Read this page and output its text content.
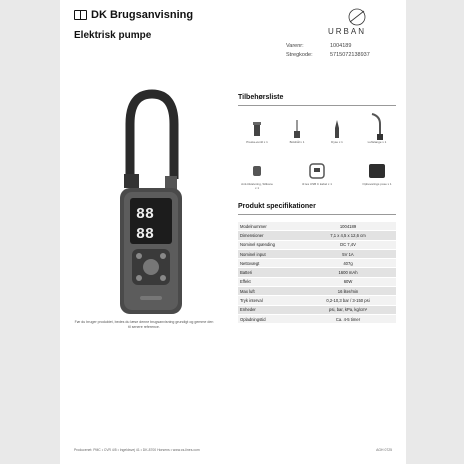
DK Brugsanvisning
Elektrisk pumpe	URBAN
Varenr:	1004189
Stregkode:	5715072138937
88
88
Før du bruger produktet, bedes du læse denne brugsanvisning grundigt og gemme den til senere reference.
Tilbehørsliste
Presta-ventil x 1	Boldnål x 1	Dyse x 1	Luftslange x 1
Anti-tilstøvning, Silikone x 1
til tes USB C kabel x 1	Opbevarings pose x 1
Produkt specifikationer
Modelnummer	1004189
Dimensioner	7,1 x 4,5 x 12,6 cm
Nominel spænding	DC 7,4V
Nominel input	5V 1A
Nettovægt	407g
Batteri	1600 mAh
Effekt	60W
Max luft	16 liter/min
Tryk interval	0,2-10,3 bar / 3-150 psi
Enheder	psi, bar, kPa, kg/cm²
Opladningstid	Ca. 4-5 timer
Producenet: PMC • CVR 4/5 • Ingeldsvej 41 • DK-8700 Horsens • www.cs-lines.com	AGH 0725
